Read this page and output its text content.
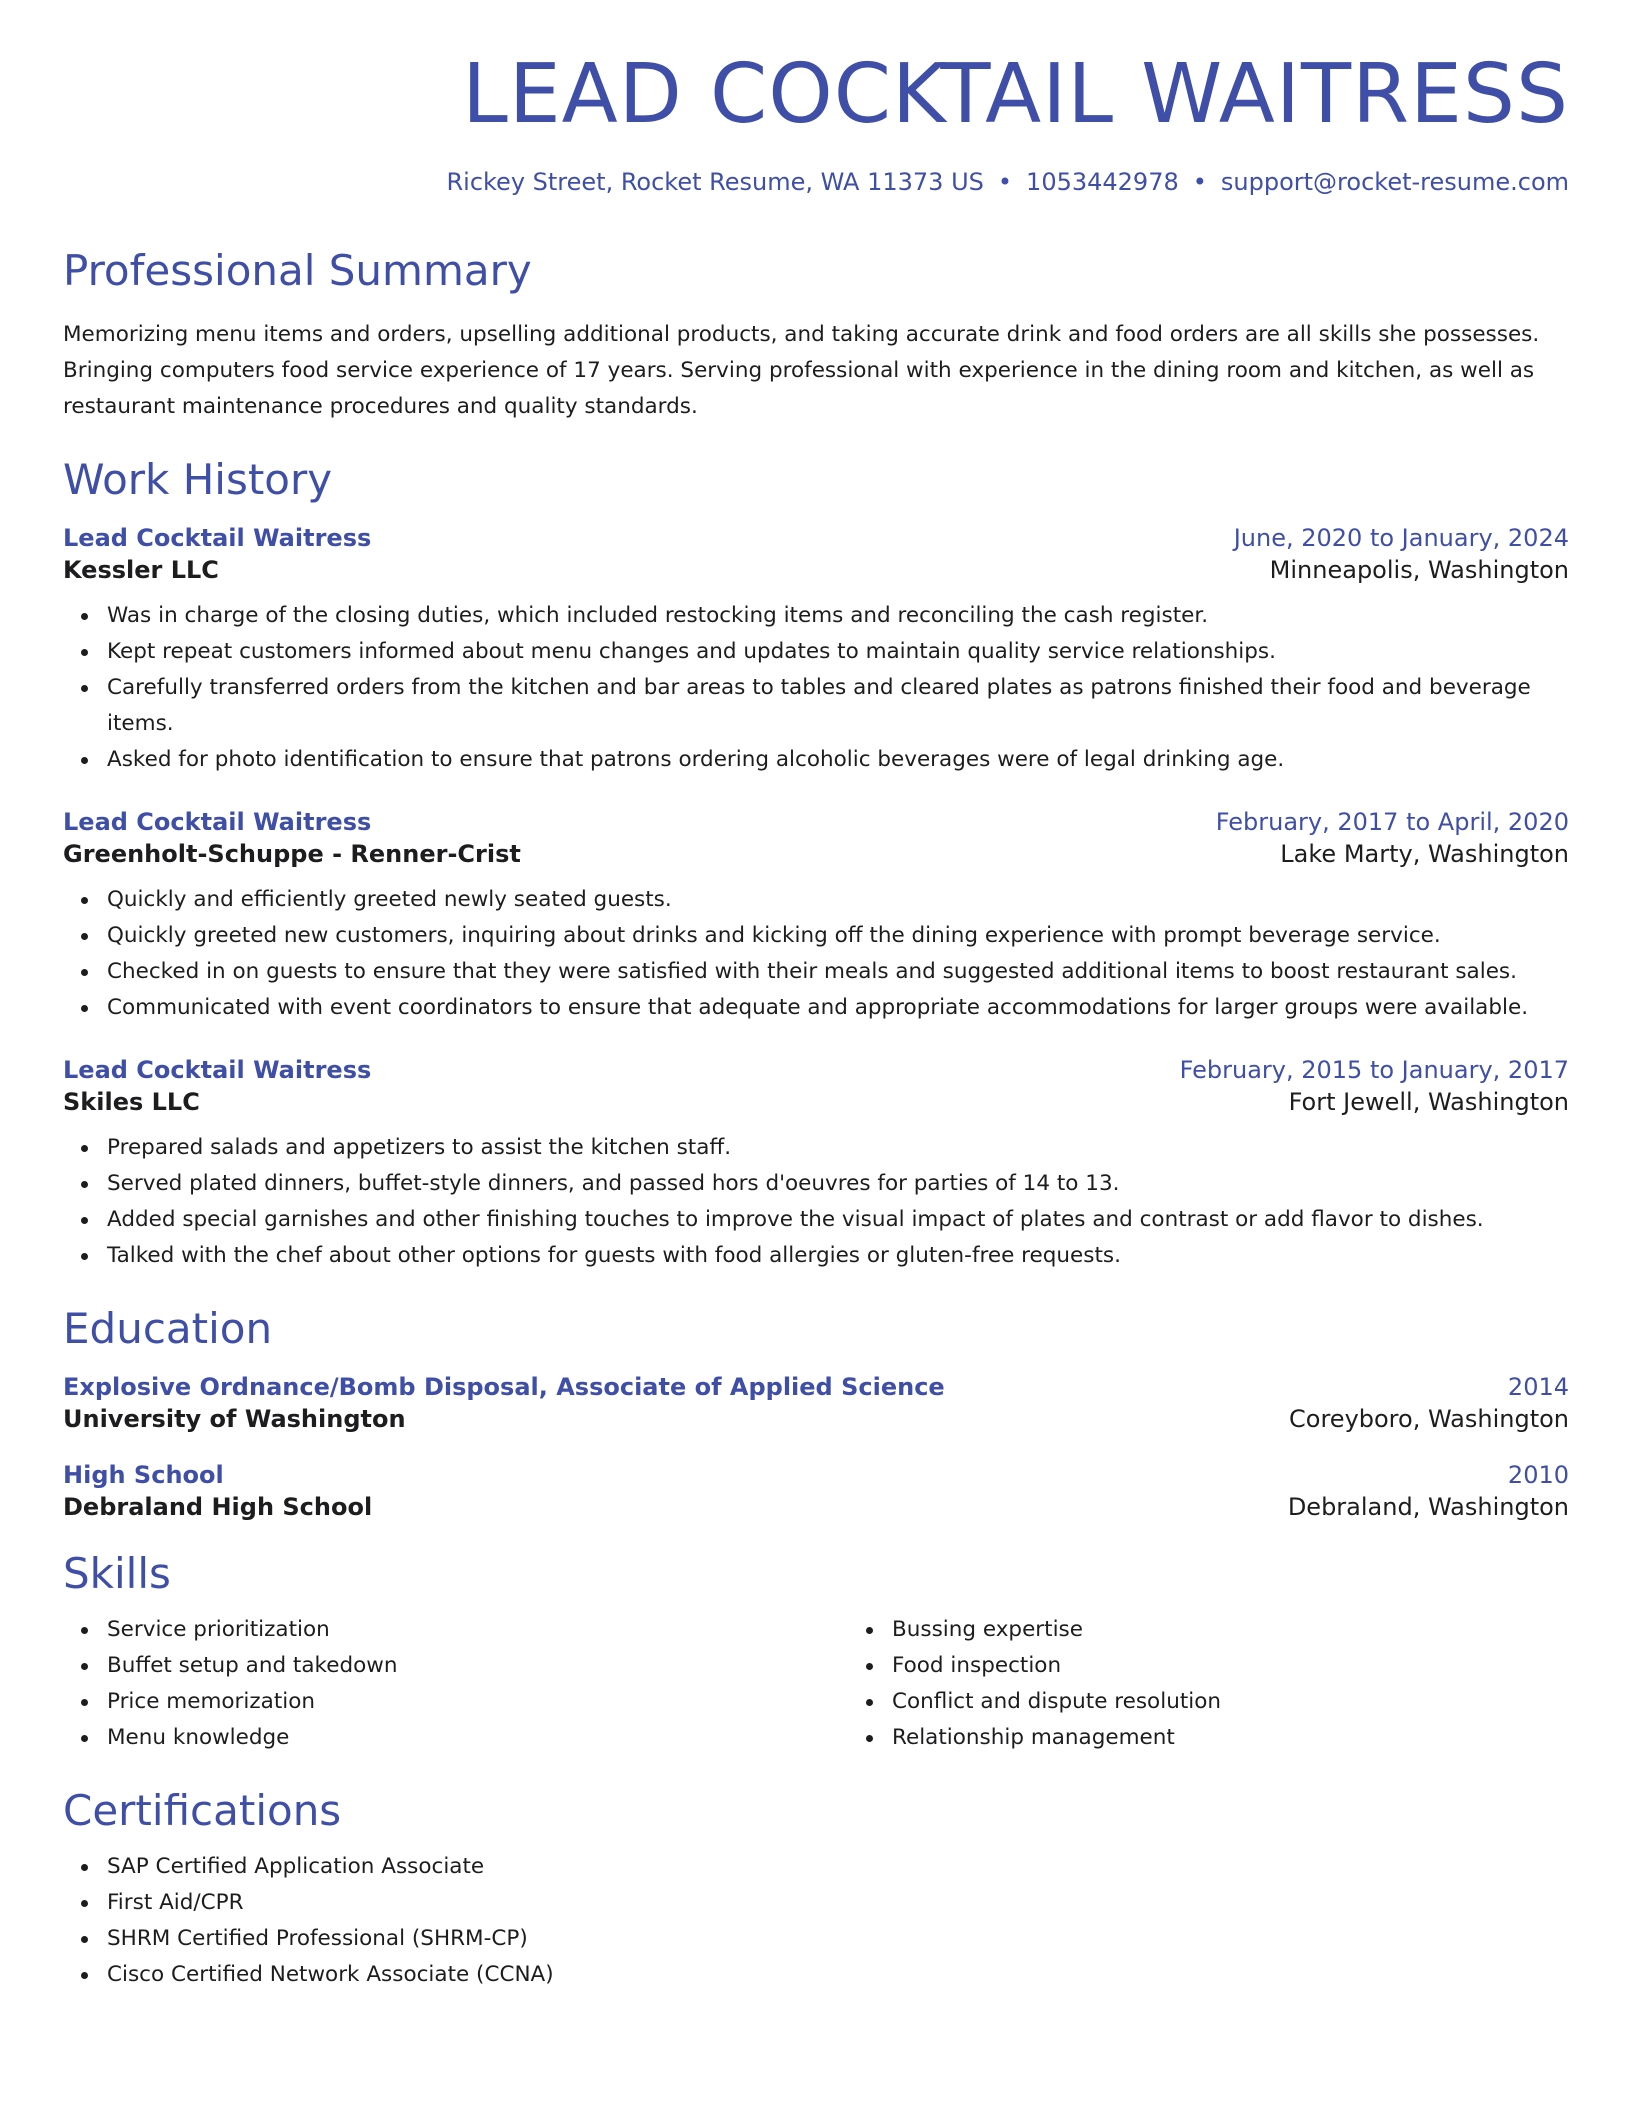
LEAD COCKTAIL WAITRESS
Rickey Street, Rocket Resume, WA 11373 US • 1053442978 • support@rocket-resume.com
Professional Summary
Memorizing menu items and orders, upselling additional products, and taking accurate drink and food orders are all skills she possesses. Bringing computers food service experience of 17 years. Serving professional with experience in the dining room and kitchen, as well as restaurant maintenance procedures and quality standards.
Work History
Lead Cocktail Waitress	June, 2020 to January, 2024
Kessler LLC	Minneapolis, Washington
Was in charge of the closing duties, which included restocking items and reconciling the cash register.
Kept repeat customers informed about menu changes and updates to maintain quality service relationships.
Carefully transferred orders from the kitchen and bar areas to tables and cleared plates as patrons finished their food and beverage items.
Asked for photo identification to ensure that patrons ordering alcoholic beverages were of legal drinking age.
Lead Cocktail Waitress	February, 2017 to April, 2020
Greenholt-Schuppe - Renner-Crist	Lake Marty, Washington
Quickly and efficiently greeted newly seated guests.
Quickly greeted new customers, inquiring about drinks and kicking off the dining experience with prompt beverage service.
Checked in on guests to ensure that they were satisfied with their meals and suggested additional items to boost restaurant sales.
Communicated with event coordinators to ensure that adequate and appropriate accommodations for larger groups were available.
Lead Cocktail Waitress	February, 2015 to January, 2017
Skiles LLC	Fort Jewell, Washington
Prepared salads and appetizers to assist the kitchen staff.
Served plated dinners, buffet-style dinners, and passed hors d'oeuvres for parties of 14 to 13.
Added special garnishes and other finishing touches to improve the visual impact of plates and contrast or add flavor to dishes.
Talked with the chef about other options for guests with food allergies or gluten-free requests.
Education
Explosive Ordnance/Bomb Disposal, Associate of Applied Science	2014
University of Washington	Coreyboro, Washington
High School	2010
Debraland High School	Debraland, Washington
Skills
Service prioritization
Buffet setup and takedown
Price memorization
Menu knowledge
Bussing expertise
Food inspection
Conflict and dispute resolution
Relationship management
Certifications
SAP Certified Application Associate
First Aid/CPR
SHRM Certified Professional (SHRM-CP)
Cisco Certified Network Associate (CCNA)
